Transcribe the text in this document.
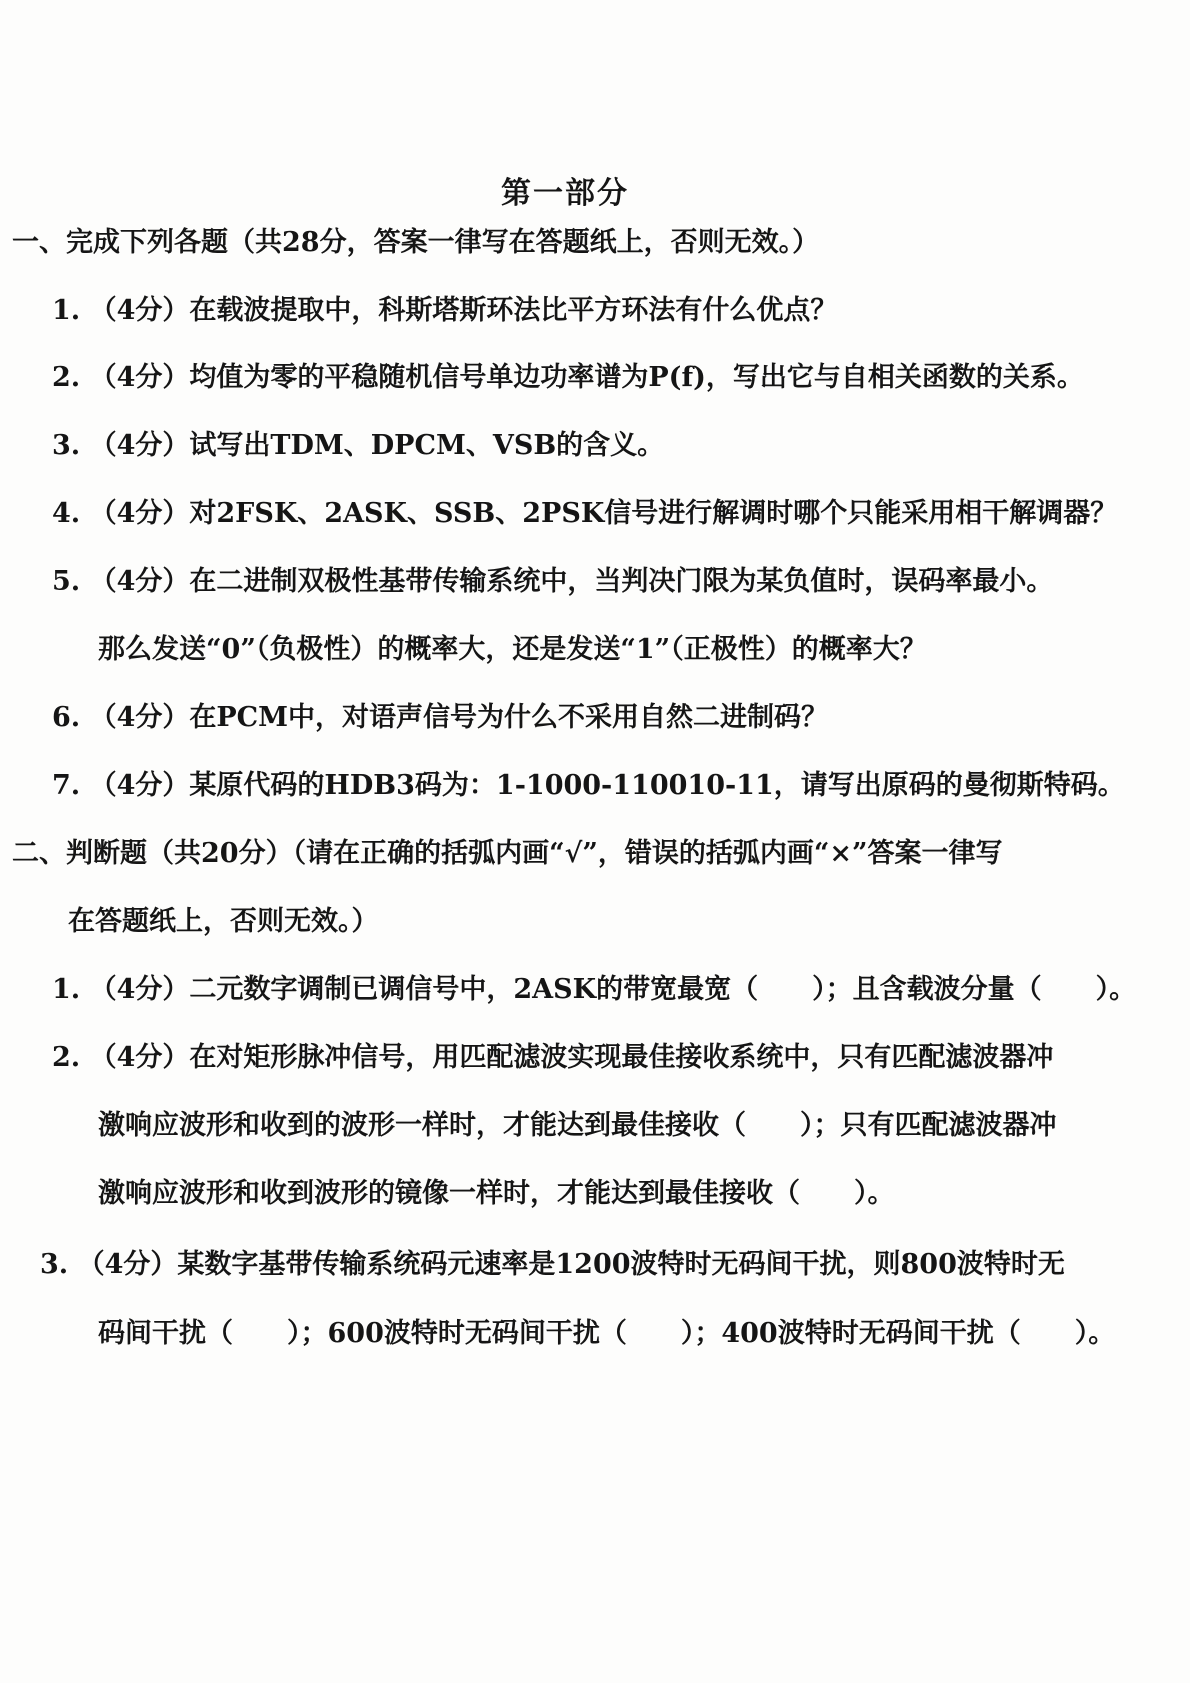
第一部分
一、完成下列各题（共28分，答案一律写在答题纸上，否则无效。）
1. （4分）在载波提取中，科斯塔斯环法比平方环法有什么优点？
2. （4分）均值为零的平稳随机信号单边功率谱为P(f)，写出它与自相关函数的关系。
3. （4分）试写出TDM、DPCM、VSB的含义。
4. （4分）对2FSK、2ASK、SSB、2PSK信号进行解调时哪个只能采用相干解调器？
5. （4分）在二进制双极性基带传输系统中，当判决门限为某负值时，误码率最小。
那么发送“0”（负极性）的概率大，还是发送“1”（正极性）的概率大？
6. （4分）在PCM中，对语声信号为什么不采用自然二进制码？
7. （4分）某原代码的HDB3码为：1-1000-110010-11，请写出原码的曼彻斯特码。
二、判断题（共20分）（请在正确的括弧内画“√”，错误的括弧内画“×”答案一律写
在答题纸上，否则无效。）
1. （4分）二元数字调制已调信号中，2ASK的带宽最宽（　　）；且含载波分量（　　）。
2. （4分）在对矩形脉冲信号，用匹配滤波实现最佳接收系统中，只有匹配滤波器冲
激响应波形和收到的波形一样时，才能达到最佳接收（　　）；只有匹配滤波器冲
激响应波形和收到波形的镜像一样时，才能达到最佳接收（　　）。
3. （4分）某数字基带传输系统码元速率是1200波特时无码间干扰，则800波特时无
码间干扰（　　）；600波特时无码间干扰（　　）；400波特时无码间干扰（　　）。
